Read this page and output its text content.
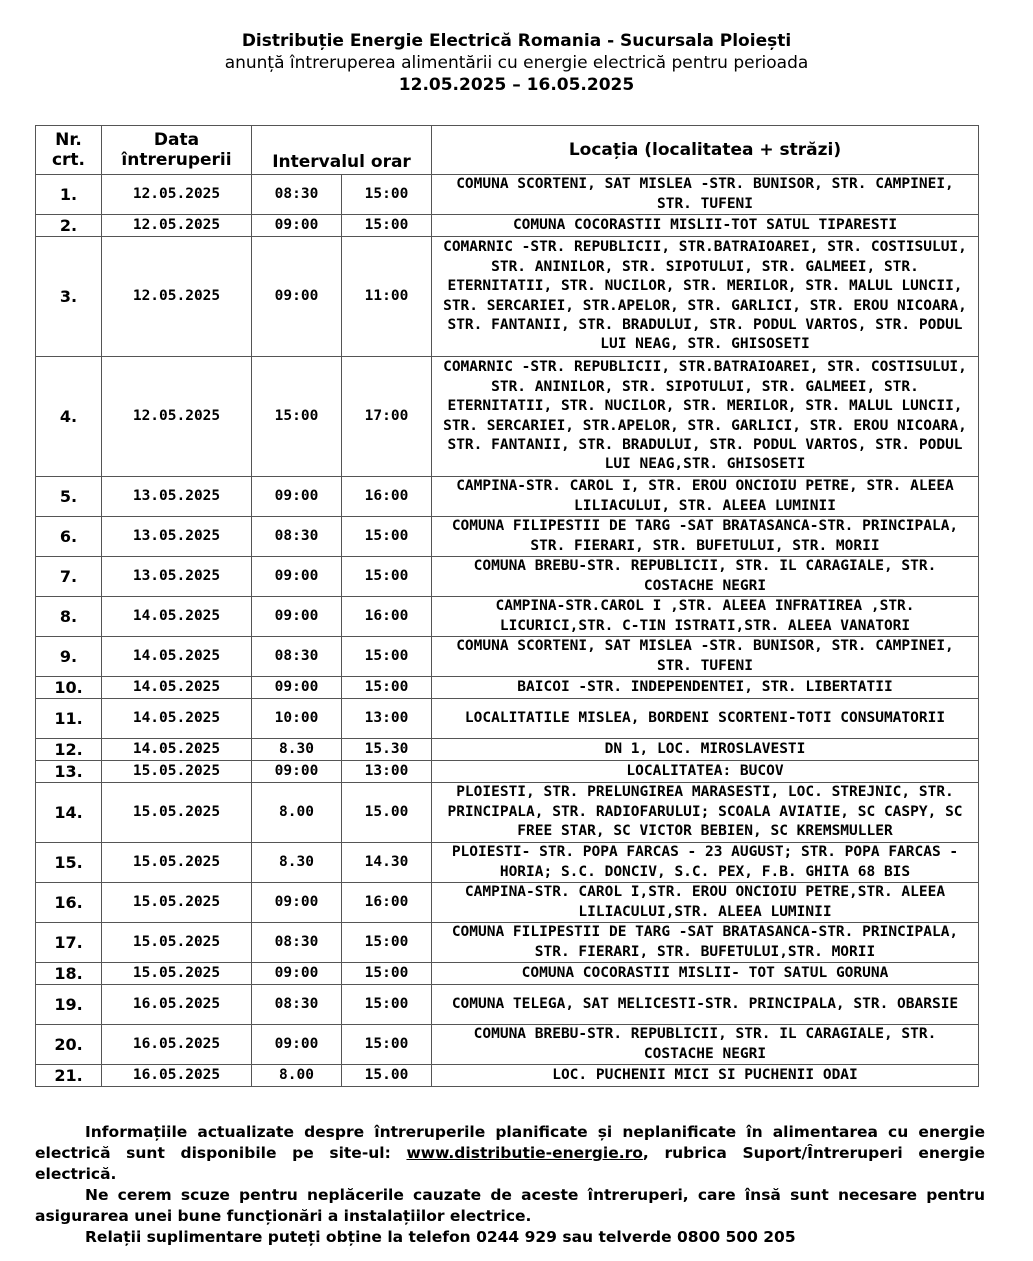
Distribuție Energie Electrică Romania - Sucursala Ploiești
anunță întreruperea alimentării cu energie electrică pentru perioada
12.05.2025 – 16.05.2025
Nr. crt.	Data întreruperii	Intervalul orar		Locația (localitatea + străzi)
1.	12.05.2025	08:30	15:00	COMUNA SCORTENI, SAT MISLEA -STR. BUNISOR, STR. CAMPINEI, STR. TUFENI
2.	12.05.2025	09:00	15:00	COMUNA COCORASTII MISLII-TOT SATUL TIPARESTI
3.	12.05.2025	09:00	11:00	COMARNIC -STR. REPUBLICII, STR.BATRAIOAREI, STR. COSTISULUI, STR. ANINILOR, STR. SIPOTULUI, STR. GALMEEI, STR. ETERNITATII, STR. NUCILOR, STR. MERILOR, STR. MALUL LUNCII, STR. SERCARIEI, STR.APELOR, STR. GARLICI, STR. EROU NICOARA, STR. FANTANII, STR. BRADULUI, STR. PODUL VARTOS, STR. PODUL LUI NEAG, STR. GHISOSETI
4.	12.05.2025	15:00	17:00	COMARNIC -STR. REPUBLICII, STR.BATRAIOAREI, STR. COSTISULUI, STR. ANINILOR, STR. SIPOTULUI, STR. GALMEEI, STR. ETERNITATII, STR. NUCILOR, STR. MERILOR, STR. MALUL LUNCII, STR. SERCARIEI, STR.APELOR, STR. GARLICI, STR. EROU NICOARA, STR. FANTANII, STR. BRADULUI, STR. PODUL VARTOS, STR. PODUL LUI NEAG,STR. GHISOSETI
5.	13.05.2025	09:00	16:00	CAMPINA-STR. CAROL I, STR. EROU ONCIOIU PETRE, STR. ALEEA LILIACULUI, STR. ALEEA LUMINII
6.	13.05.2025	08:30	15:00	COMUNA FILIPESTII DE TARG -SAT BRATASANCA-STR. PRINCIPALA, STR. FIERARI, STR. BUFETULUI, STR. MORII
7.	13.05.2025	09:00	15:00	COMUNA BREBU-STR. REPUBLICII, STR. IL CARAGIALE, STR. COSTACHE NEGRI
8.	14.05.2025	09:00	16:00	CAMPINA-STR.CAROL I ,STR. ALEEA INFRATIREA ,STR. LICURICI,STR. C-TIN ISTRATI,STR. ALEEA VANATORI
9.	14.05.2025	08:30	15:00	COMUNA SCORTENI, SAT MISLEA -STR. BUNISOR, STR. CAMPINEI, STR. TUFENI
10.	14.05.2025	09:00	15:00	BAICOI -STR. INDEPENDENTEI, STR. LIBERTATII
11.	14.05.2025	10:00	13:00	LOCALITATILE MISLEA, BORDENI SCORTENI-TOTI CONSUMATORII
12.	14.05.2025	8.30	15.30	DN 1, LOC. MIROSLAVESTI
13.	15.05.2025	09:00	13:00	LOCALITATEA: BUCOV
14.	15.05.2025	8.00	15.00	PLOIESTI, STR. PRELUNGIREA MARASESTI, LOC. STREJNIC, STR. PRINCIPALA, STR. RADIOFARULUI; SCOALA AVIATIE, SC CASPY, SC FREE STAR, SC VICTOR BEBIEN, SC KREMSMULLER
15.	15.05.2025	8.30	14.30	PLOIESTI- STR. POPA FARCAS - 23 AUGUST; STR. POPA FARCAS - HORIA; S.C. DONCIV, S.C. PEX, F.B. GHITA 68 BIS
16.	15.05.2025	09:00	16:00	CAMPINA-STR. CAROL I,STR. EROU ONCIOIU PETRE,STR. ALEEA LILIACULUI,STR. ALEEA LUMINII
17.	15.05.2025	08:30	15:00	COMUNA FILIPESTII DE TARG -SAT BRATASANCA-STR. PRINCIPALA, STR. FIERARI, STR. BUFETULUI,STR. MORII
18.	15.05.2025	09:00	15:00	COMUNA COCORASTII MISLII- TOT SATUL GORUNA
19.	16.05.2025	08:30	15:00	COMUNA TELEGA, SAT MELICESTI-STR. PRINCIPALA, STR. OBARSIE
20.	16.05.2025	09:00	15:00	COMUNA BREBU-STR. REPUBLICII, STR. IL CARAGIALE, STR. COSTACHE NEGRI
21.	16.05.2025	8.00	15.00	LOC. PUCHENII MICI SI PUCHENII ODAI

Informațiile actualizate despre întreruperile planificate și neplanificate în alimentarea cu energie electrică sunt disponibile pe site-ul: www.distributie-energie.ro, rubrica Suport/Întreruperi energie electrică.

Ne cerem scuze pentru neplăcerile cauzate de aceste întreruperi, care însă sunt necesare pentru asigurarea unei bune funcționări a instalațiilor electrice.

Relații suplimentare puteți obține la telefon 0244 929 sau telverde 0800 500 205
